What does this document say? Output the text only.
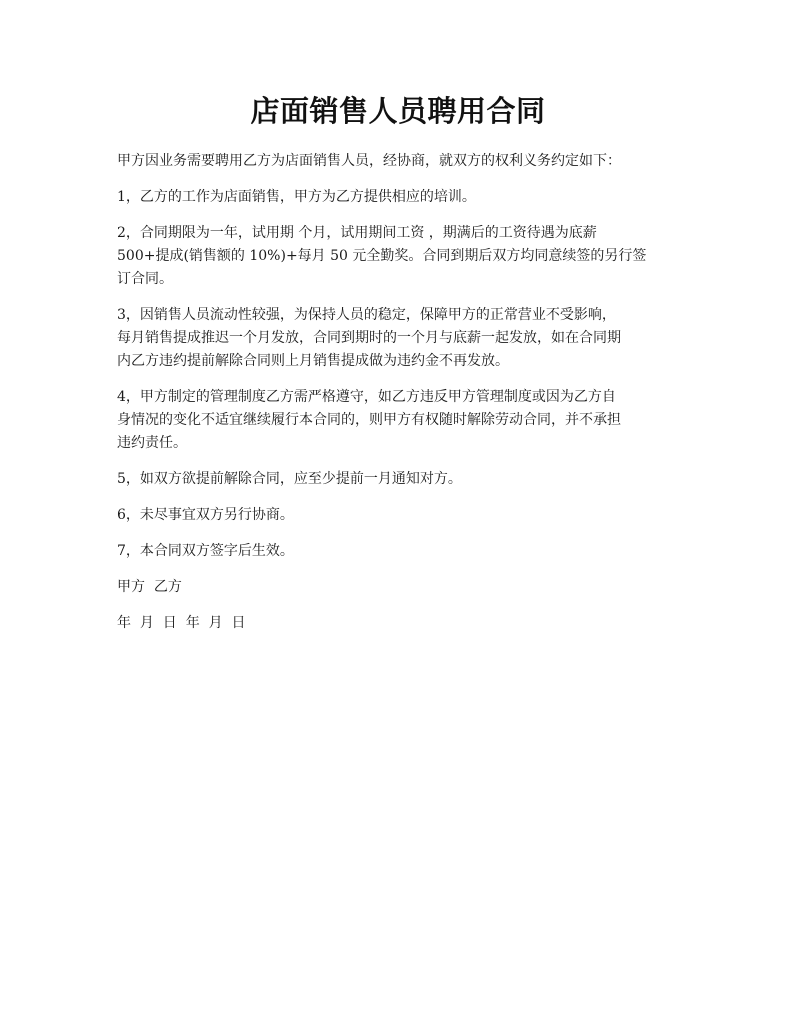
店面销售人员聘用合同

甲方因业务需要聘用乙方为店面销售人员，经协商，就双方的权利义务约定如下：

1，乙方的工作为店面销售，甲方为乙方提供相应的培训。

2，合同期限为一年，试用期 个月，试用期间工资 ，期满后的工资待遇为底薪
500+提成(销售额的 10%)+每月 50 元全勤奖。合同到期后双方均同意续签的另行签
订合同。

3，因销售人员流动性较强，为保持人员的稳定，保障甲方的正常营业不受影响，
每月销售提成推迟一个月发放，合同到期时的一个月与底薪一起发放，如在合同期
内乙方违约提前解除合同则上月销售提成做为违约金不再发放。

4，甲方制定的管理制度乙方需严格遵守，如乙方违反甲方管理制度或因为乙方自
身情况的变化不适宜继续履行本合同的，则甲方有权随时解除劳动合同，并不承担
违约责任。

5，如双方欲提前解除合同，应至少提前一月通知对方。

6，未尽事宜双方另行协商。

7，本合同双方签字后生效。

甲方  乙方

年  月  日  年  月  日
